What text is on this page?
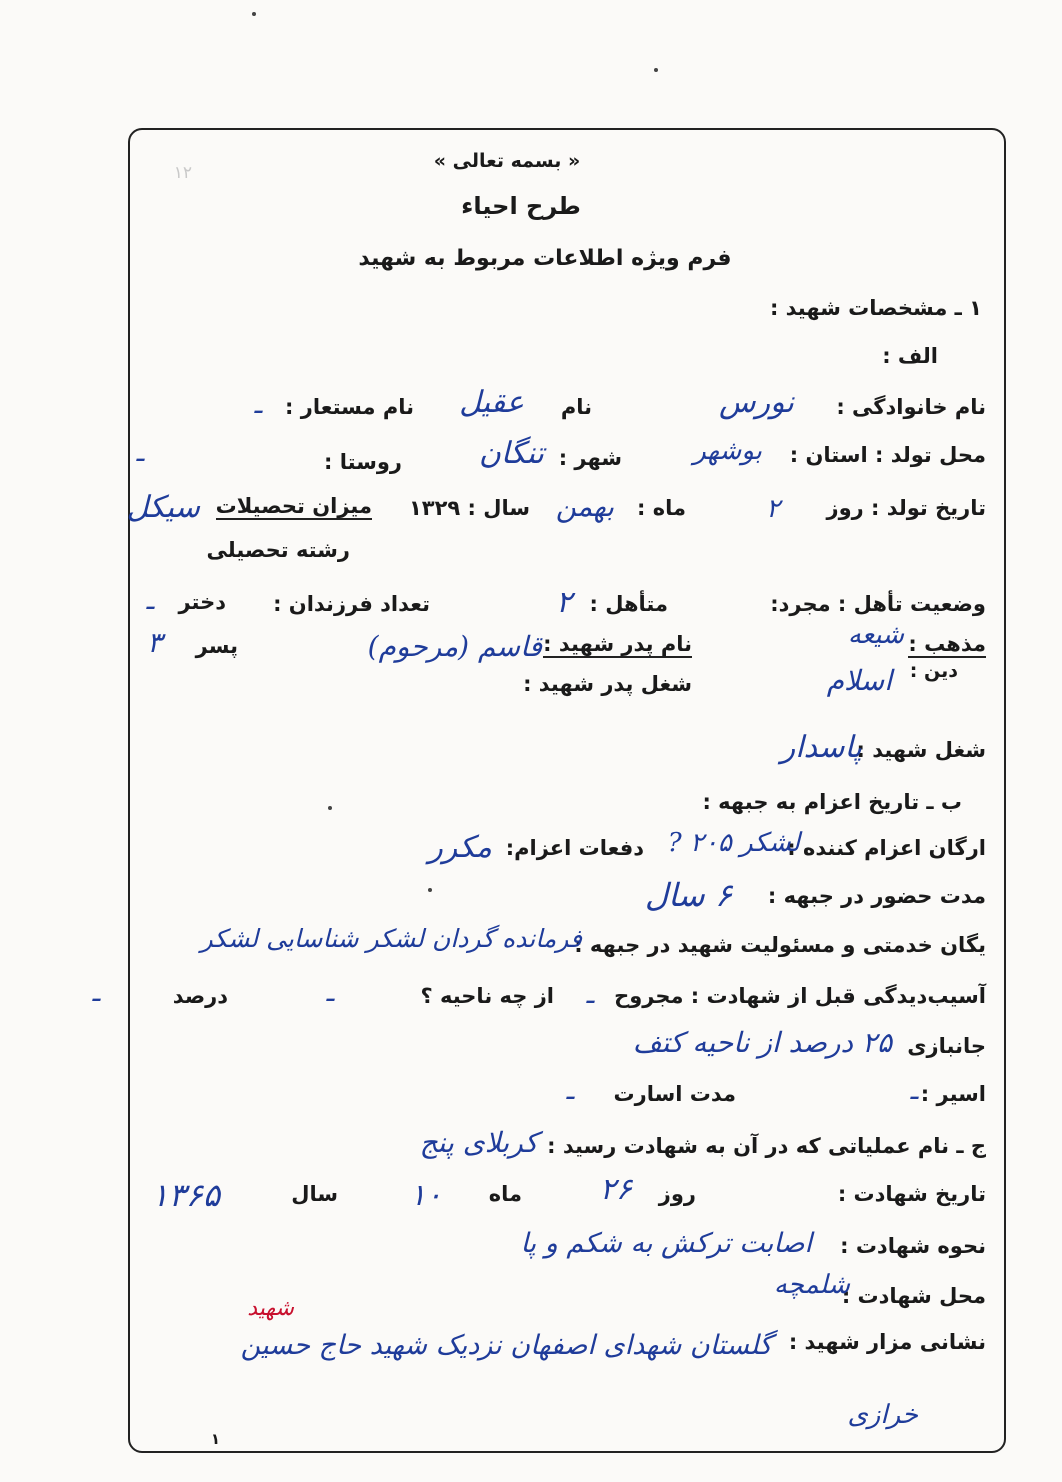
۱۲
« بسمه تعالی »
طرح احیاء
فرم ویژه اطلاعات مربوط به شهید
۱ ـ مشخصات شهید :
الف :
نام خانوادگی :
نورس
نام
عقیل
نام مستعار :
ـ
محل تولد : استان :
بوشهر
شهر :
تنگان
روستا :
ـ
تاریخ تولد : روز
۲
ماه :
بهمن
سال : ۱۳۲۹
میزان تحصیلات
سیکل
رشته تحصیلی
وضعیت تأهل : مجرد:
متأهل :
۲
تعداد فرزندان :
دختر
ـ
پسر
۳	مذهب :
شیعه
دین :
اسلام
نام پدر شهید :
قاسم (مرحوم)
شغل پدر شهید :
شغل شهید :
پاسدار
ب ـ تاریخ اعزام به جبهه :
ارگان اعزام کننده :
لشکر ۲۰۵ ?
دفعات اعزام:
مکرر
مدت حضور در جبهه :
۶ سال
یگان خدمتی و مسئولیت شهید در جبهه :
فرمانده گردان لشکر شناسایی لشکر
آسیب‌دیدگی قبل از شهادت : مجروح
ـ
از چه ناحیه ؟
ـ
درصد
ـ
جانبازی
۲۵ درصد از ناحیه کتف
اسیر :
ـ
مدت اسارت
ـ
ج ـ نام عملیاتی که در آن به شهادت رسید :
کربلای پنج
تاریخ شهادت :
روز
۲۶
ماه
۱۰
سال
۱۳۶۵
نحوه شهادت :
اصابت ترکش به شکم و پا
محل شهادت :
شلمچه
نشانی مزار شهید :
گلستان شهدای اصفهان نزدیک شهید حاج حسین
شهید
خرازی
۱
